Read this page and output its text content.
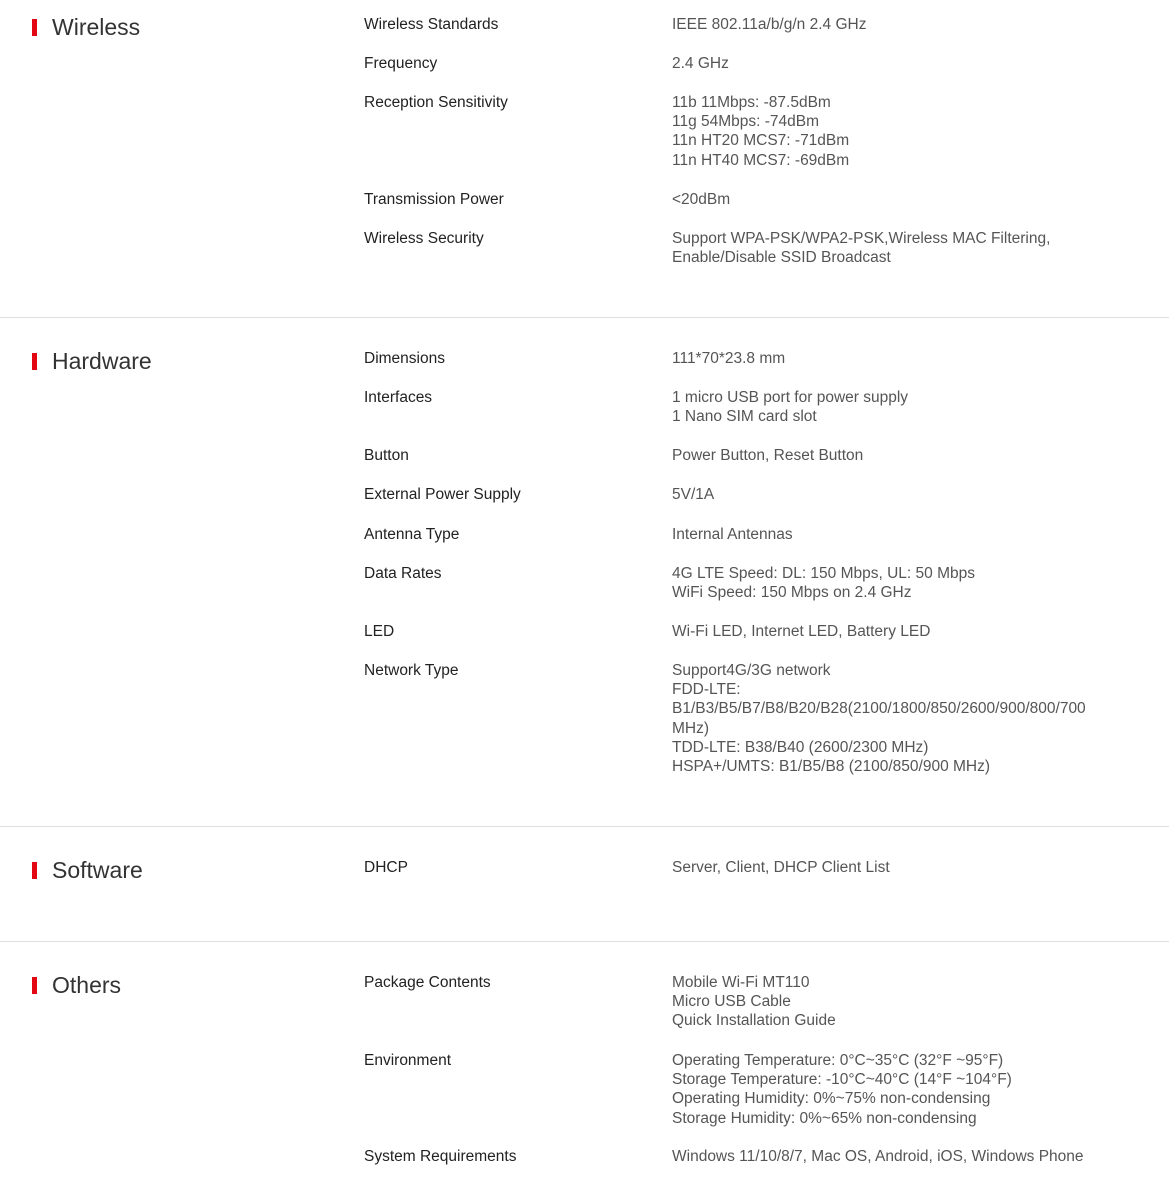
Wireless	Wireless Standards	IEEE 802.11a/b/g/n 2.4 GHz
Frequency	2.4 GHz
Reception Sensitivity	11b 11Mbps: -87.5dBm
11g 54Mbps: -74dBm
11n HT20 MCS7: -71dBm
11n HT40 MCS7: -69dBm
Transmission Power	<20dBm
Wireless Security	Support WPA-PSK/WPA2-PSK,Wireless MAC Filtering,
Enable/Disable SSID Broadcast
Hardware	Dimensions	111*70*23.8 mm
Interfaces	1 micro USB port for power supply
1 Nano SIM card slot
Button	Power Button, Reset Button
External Power Supply	5V/1A
Antenna Type	Internal Antennas
Data Rates	4G LTE Speed: DL: 150 Mbps, UL: 50 Mbps
WiFi Speed: 150 Mbps on 2.4 GHz
LED	Wi-Fi LED, Internet LED, Battery LED
Network Type	Support4G/3G network
FDD-LTE:
B1/B3/B5/B7/B8/B20/B28(2100/1800/850/2600/900/800/700
MHz)
TDD-LTE: B38/B40 (2600/2300 MHz)
HSPA+/UMTS: B1/B5/B8 (2100/850/900 MHz)
Software	DHCP	Server, Client, DHCP Client List
Others	Package Contents	Mobile Wi-Fi MT110
Micro USB Cable
Quick Installation Guide
Environment	Operating Temperature: 0°C~35°C (32°F ~95°F)
Storage Temperature: -10°C~40°C (14°F ~104°F)
Operating Humidity: 0%~75% non-condensing
Storage Humidity: 0%~65% non-condensing
System Requirements	Windows 11/10/8/7, Mac OS, Android, iOS, Windows Phone
